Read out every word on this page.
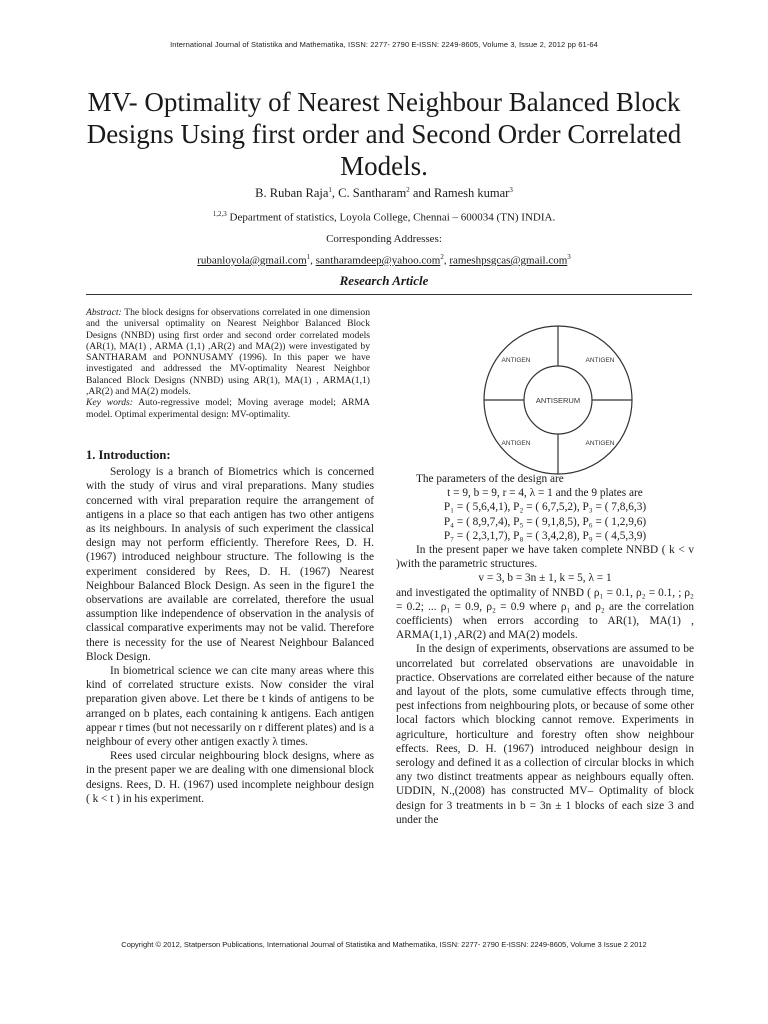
International Journal of Statistika and Mathematika, ISSN: 2277- 2790 E-ISSN: 2249-8605, Volume 3, Issue 2, 2012 pp 61-64
MV- Optimality of Nearest Neighbour Balanced Block Designs Using first order and Second Order Correlated Models.
B. Ruban Raja$^1$, C. Santharam$^2$ and Ramesh kumar$^3$
$^{1,2,3}$ Department of statistics, Loyola College, Chennai – 600034 (TN) INDIA.
Corresponding Addresses:
rubanloyola@gmail.com$^1$, santharamdeep@yahoo.com$^2$, rameshpsgcas@gmail.com$^3$
Research Article
Abstract: The block designs for observations correlated in one dimension and the universal optimality on Nearest Neighbor Balanced Block Designs (NNBD) using first order and second order correlated models (AR(1), MA(1) , ARMA (1,1) ,AR(2) and MA(2)) were investigated by SANTHARAM and PONNUSAMY (1996). In this paper we have investigated and addressed the MV-optimality Nearest Neighbor Balanced Block Designs (NNBD) using AR(1), MA(1) , ARMA(1,1) ,AR(2) and MA(2) models.
Key words: Auto-regressive model; Moving average model; ARMA model. Optimal experimental design: MV-optimality.
1. Introduction:

Serology is a branch of Biometrics which is concerned with the study of virus and viral preparations. Many studies concerned with viral preparation require the arrangement of antigens in a place so that each antigen has two other antigens as its neighbours. In analysis of such experiment the classical design may not perform efficiently. Therefore Rees, D. H. (1967) introduced neighbour structure. The following is the experiment considered by Rees, D. H. (1967) Nearest Neighbour Balanced Block Design. As seen in the figure1 the observations are available are correlated, therefore the usual assumption like independence of observation in the analysis of classical comparative experiments may not be valid. Therefore there is necessity for the use of Nearest Neighbour Balanced Block Design.

In biometrical science we can cite many areas where this kind of correlated structure exists. Now consider the viral preparation given above. Let there be t kinds of antigens to be arranged on b plates, each containing k antigens. Each antigen appear r times (but not necessarily on r different plates) and is a neighbour of every other antigen exactly λ times.

Rees used circular neighbouring block designs, where as in the present paper we are dealing with one dimensional block designs. Rees, D. H. (1967) used incomplete neighbour design ( k < t ) in his experiment.

ANTISERUM
ANTIGEN	ANTIGEN
ANTIGEN	ANTIGEN

The parameters of the design are

t = 9, b = 9, r = 4, λ = 1 and the 9 plates are

P₁ = ( 5,6,4,1), P₂ = ( 6,7,5,2), P₃ = ( 7,8,6,3)

P₄ = ( 8,9,7,4), P₅ = ( 9,1,8,5), P₆ = ( 1,2,9,6)

P₇ = ( 2,3,1,7), P₈ = ( 3,4,2,8), P₉ = ( 4,5,3,9)

In the present paper we have taken complete NNBD ( k < v )with the parametric structures.

v = 3, b = 3n ± 1, k = 5, λ = 1

and investigated the optimality of NNBD ( ρ₁ = 0.1, ρ₂ = 0.1, ; ρ₂ = 0.2; ... ρ₁ = 0.9, ρ₂ = 0.9 where ρ₁ and ρ₂ are the correlation coefficients) when errors according to AR(1), MA(1) , ARMA(1,1) ,AR(2) and MA(2) models.

In the design of experiments, observations are assumed to be uncorrelated but correlated observations are unavoidable in practice. Observations are correlated either because of the nature and layout of the plots, some cumulative effects through time, pest infections from neighbouring plots, or because of some other local factors which blocking cannot remove. Experiments in agriculture, horticulture and forestry often show neighbour effects. Rees, D. H. (1967) introduced neighbour design in serology and defined it as a collection of circular blocks in which any two distinct treatments appear as neighbours equally often. UDDIN, N.,(2008) has constructed MV– Optimality of block design for 3 treatments in b = 3n ± 1 blocks of each size 3 and under the

Copyright © 2012, Statperson Publications, International Journal of Statistika and Mathematika, ISSN: 2277- 2790 E-ISSN: 2249-8605, Volume 3 Issue 2 2012
